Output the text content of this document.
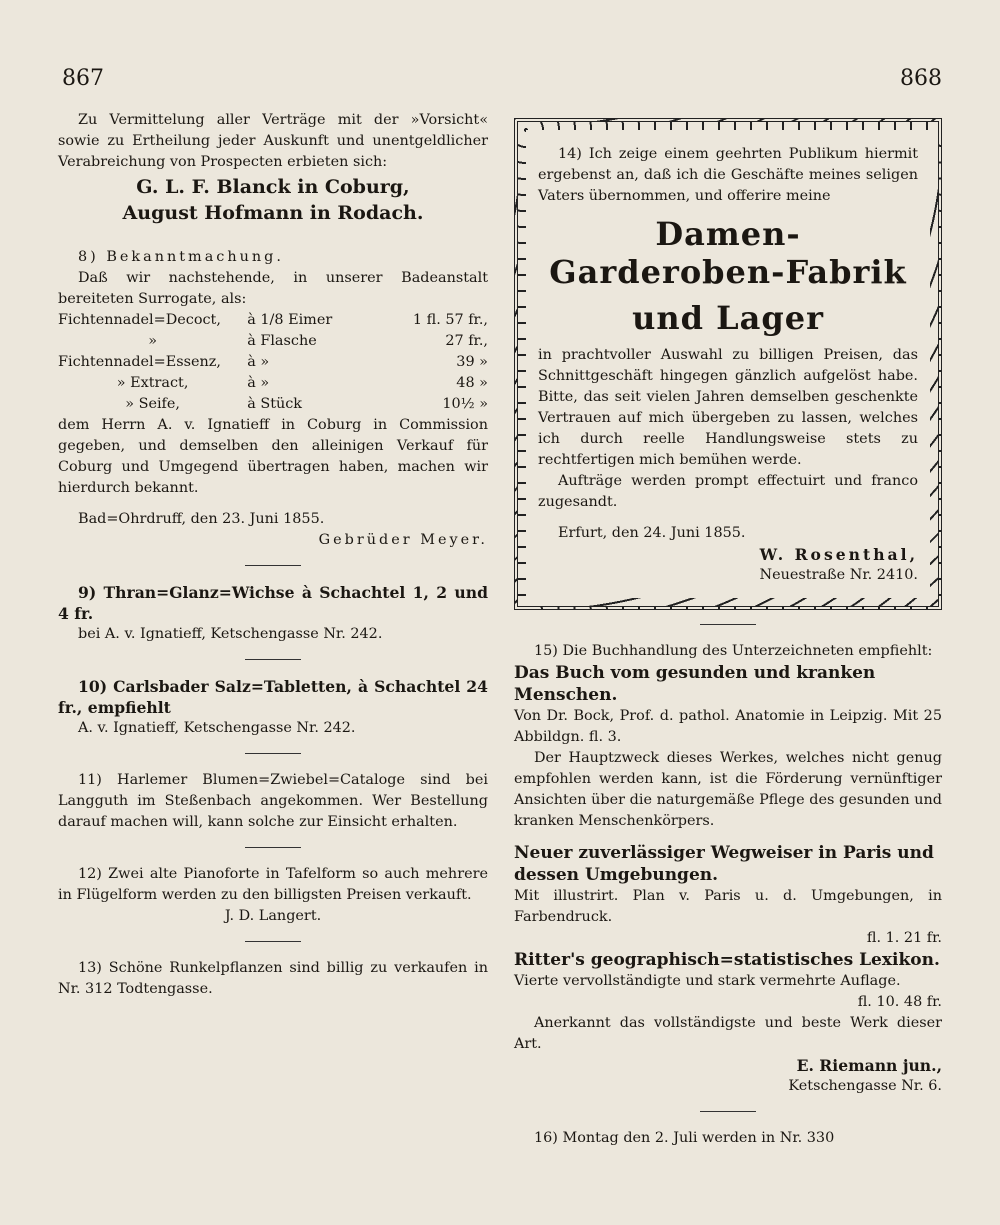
867	868

Zu Vermittelung aller Verträge mit der »Vorsicht« sowie zu Ertheilung jeder Auskunft und unentgeldlicher Verabreichung von Prospecten erbieten sich:

G. L. F. Blanck in Coburg,
August Hofmann in Rodach.

8) Bekanntmachung.

Daß wir nachstehende, in unserer Badeanstalt bereiteten Surrogate, als:

Fichtennadel=Decoct,	à 1/8 Eimer	1 fl. 57 fr.,
»	à Flasche	27 fr.,
Fichtennadel=Essenz,	à »	39 »
» Extract,	à »	48 »
» Seife,	à Stück	10½ »

dem Herrn A. v. Ignatieff in Coburg in Commission gegeben, und demselben den alleinigen Verkauf für Coburg und Umgegend übertragen haben, machen wir hierdurch bekannt.

Bad=Ohrdruff, den 23. Juni 1855.

Gebrüder Meyer.

9) Thran=Glanz=Wichse à Schachtel 1, 2 und 4 fr.

bei A. v. Ignatieff, Ketschengasse Nr. 242.

10) Carlsbader Salz=Tabletten, à Schachtel 24 fr., empfiehlt

A. v. Ignatieff, Ketschengasse Nr. 242.

11) Harlemer Blumen=Zwiebel=Cataloge sind bei Langguth im Steßenbach angekommen. Wer Bestellung darauf machen will, kann solche zur Einsicht erhalten.

12) Zwei alte Pianoforte in Tafelform so auch mehrere in Flügelform werden zu den billigsten Preisen verkauft.

J. D. Langert.

13) Schöne Runkelpflanzen sind billig zu verkaufen in Nr. 312 Todtengasse.

14) Ich zeige einem geehrten Publikum hiermit ergebenst an, daß ich die Geschäfte meines seligen Vaters übernommen, und offerire meine

Damen-Garderoben-Fabrik
und Lager

in prachtvoller Auswahl zu billigen Preisen, das Schnittgeschäft hingegen gänzlich aufgelöst habe. Bitte, das seit vielen Jahren demselben geschenkte Vertrauen auf mich übergeben zu lassen, welches ich durch reelle Handlungsweise stets zu rechtfertigen mich bemühen werde.

Aufträge werden prompt effectuirt und franco zugesandt.

Erfurt, den 24. Juni 1855.

W. Rosenthal,

Neuestraße Nr. 2410.

15) Die Buchhandlung des Unterzeichneten empfiehlt:

Das Buch vom gesunden und kranken Menschen.

Von Dr. Bock, Prof. d. pathol. Anatomie in Leipzig. Mit 25 Abbildgn. fl. 3.

Der Hauptzweck dieses Werkes, welches nicht genug empfohlen werden kann, ist die Förderung vernünftiger Ansichten über die naturgemäße Pflege des gesunden und kranken Menschenkörpers.

Neuer zuverlässiger Wegweiser in Paris und dessen Umgebungen.

Mit illustrirt. Plan v. Paris u. d. Umgebungen, in Farbendruck.

fl. 1. 21 fr.

Ritter's geographisch=statistisches Lexikon.

Vierte vervollständigte und stark vermehrte Auflage.

fl. 10. 48 fr.

Anerkannt das vollständigste und beste Werk dieser Art.

E. Riemann jun.,

Ketschengasse Nr. 6.

16) Montag den 2. Juli werden in Nr. 330
